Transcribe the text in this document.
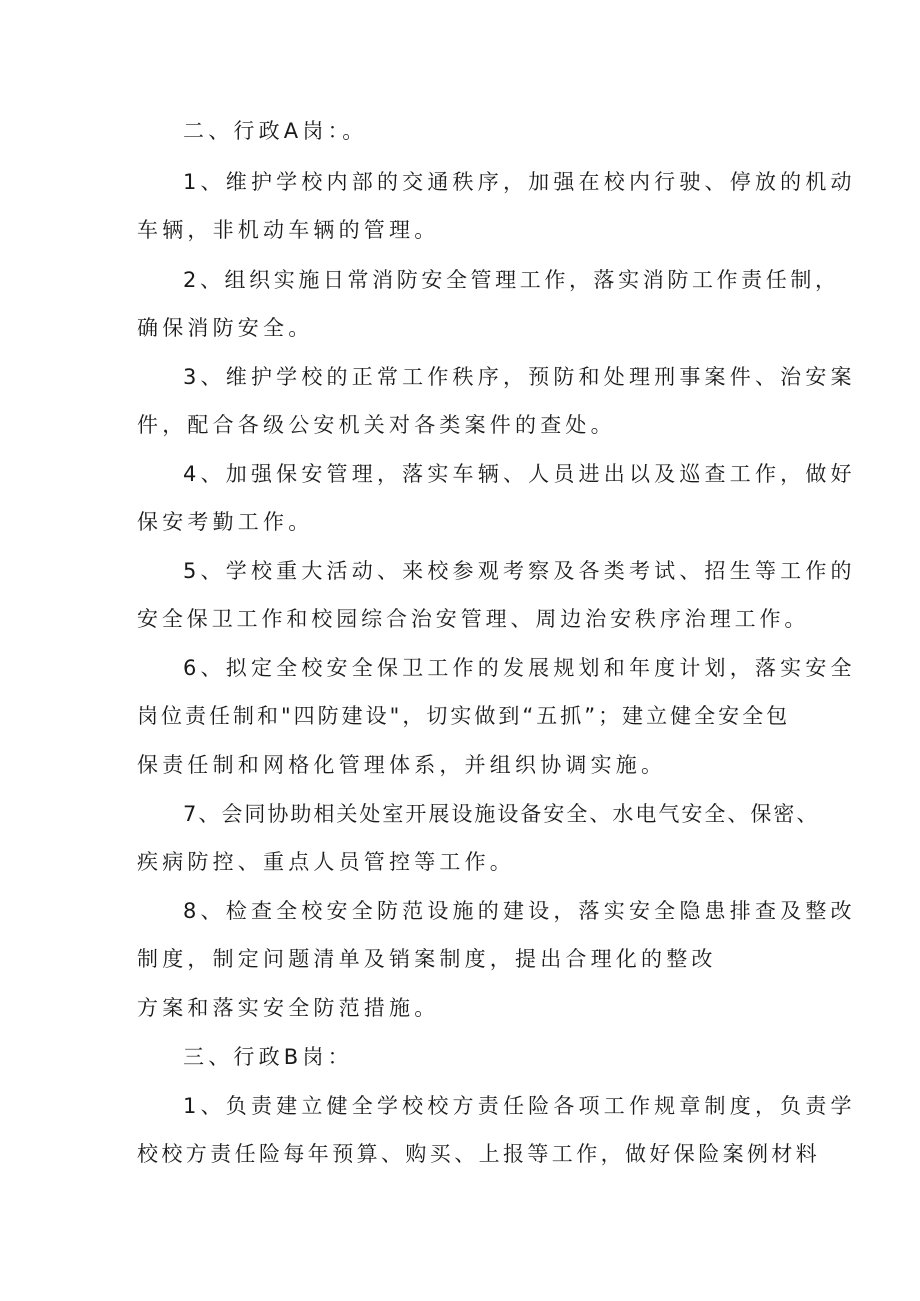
二、行政A岗：。
1、维护学校内部的交通秩序，加强在校内行驶、停放的机动
车辆，非机动车辆的管理。
2、组织实施日常消防安全管理工作，落实消防工作责任制，
确保消防安全。
3、维护学校的正常工作秩序，预防和处理刑事案件、治安案
件，配合各级公安机关对各类案件的查处。
4、加强保安管理，落实车辆、人员进出以及巡查工作，做好
保安考勤工作。
5、学校重大活动、来校参观考察及各类考试、招生等工作的
安全保卫工作和校园综合治安管理、周边治安秩序治理工作。
6、拟定全校安全保卫工作的发展规划和年度计划，落实安全
岗位责任制和"四防建设"，切实做到“五抓”；建立健全安全包
保责任制和网格化管理体系，并组织协调实施。
7、会同协助相关处室开展设施设备安全、水电气安全、保密、
疾病防控、重点人员管控等工作。
8、检查全校安全防范设施的建设，落实安全隐患排查及整改
制度，制定问题清单及销案制度，提出合理化的整改
方案和落实安全防范措施。
三、行政B岗：
1、负责建立健全学校校方责任险各项工作规章制度，负责学
校校方责任险每年预算、购买、上报等工作，做好保险案例材料
